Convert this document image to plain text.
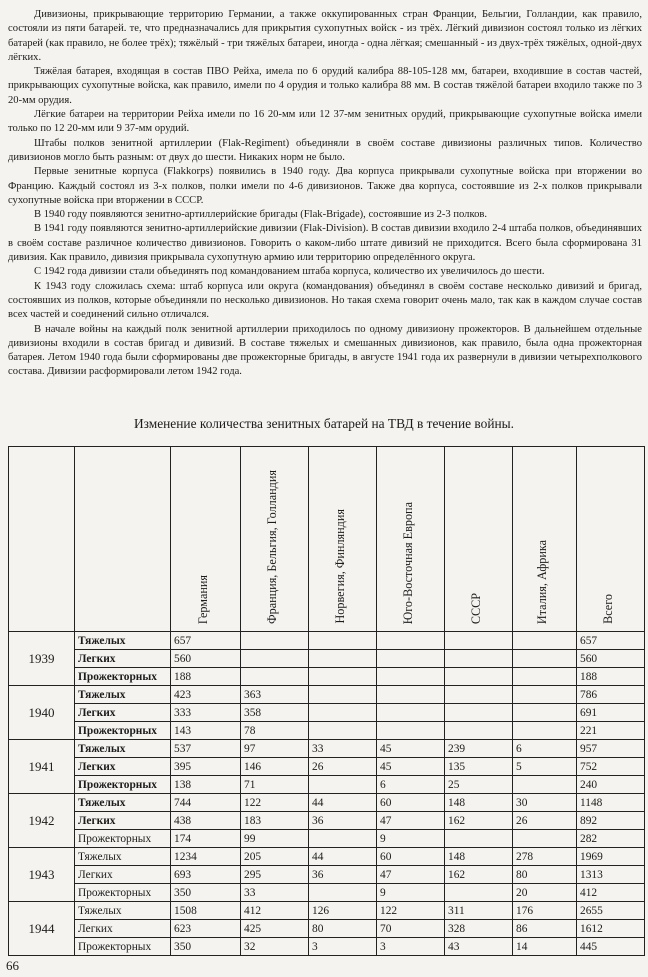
Дивизионы, прикрывающие территорию Германии, а также оккупированных стран Франции, Бельгии, Голландии, как правило, состояли из пяти батарей. те, что предназначались для прикрытия сухопутных войск - из трёх. Лёгкий дивизион состоял только из лёгких батарей (как правило, не более трёх); тяжёлый - три тяжёлых батареи, иногда - одна лёгкая; смешанный - из двух-трёх тяжёлых, одной-двух лёгких.

Тяжёлая батарея, входящая в состав ПВО Рейха, имела по 6 орудий калибра 88-105-128 мм, батареи, входившие в состав частей, прикрывающих сухопутные войска, как правило, имели по 4 орудия и только калибра 88 мм. В состав тяжёлой батареи входило также по 3 20-мм орудия.

Лёгкие батареи на территории Рейха имели по 16 20-мм или 12 37-мм зенитных орудий, прикрывающие сухопутные войска имели только по 12 20-мм или 9 37-мм орудий.

Штабы полков зенитной артиллерии (Flak-Regiment) объединяли в своём составе дивизионы различных типов. Количество дивизионов могло быть разным: от двух до шести. Никаких норм не было.

Первые зенитные корпуса (Flakkorps) появились в 1940 году. Два корпуса прикрывали сухопутные войска при вторжении во Францию. Каждый состоял из 3-х полков, полки имели по 4-6 дивизионов. Также два корпуса, состоявшие из 2-х полков прикрывали сухопутные войска при вторжении в СССР.

В 1940 году появляются зенитно-артиллерийские бригады (Flak-Brigade), состоявшие из 2-3 полков.

В 1941 году появляются зенитно-артиллерийские дивизии (Flak-Division). В состав дивизии входило 2-4 штаба полков, объединявших в своём составе различное количество дивизионов. Говорить о каком-либо штате дивизий не приходится. Всего была сформирована 31 дивизия. Как правило, дивизия прикрывала сухопутную армию или территорию определённого округа.

С 1942 года дивизии стали объединять под командованием штаба корпуса, количество их увеличилось до шести.

К 1943 году сложилась схема: штаб корпуса или округа (командования) объединял в своём составе несколько дивизий и бригад, состоявших из полков, которые объединяли по несколько дивизионов. Но такая схема говорит очень мало, так как в каждом случае состав всех частей и соединений сильно отличался.

В начале войны на каждый полк зенитной артиллерии приходилось по одному дивизиону прожекторов. В дальнейшем отдельные дивизионы входили в состав бригад и дивизий. В составе тяжелых и смешанных дивизионов, как правило, была одна прожекторная батарея. Летом 1940 года были сформированы две прожекторные бригады, в августе 1941 года их развернули в дивизии четырехполкового состава. Дивизии расформировали летом 1942 года.

Изменение количества зенитных батарей на ТВД в течение войны.
		Германия	Франция, Бельгия, Голландия	Норвегия, Финляндия	Юго-Восточная Европа	СССР	Италия, Африка	Всего
1939	Тяжелых	657						657
	Легких	560						560
	Прожекторных	188						188
1940	Тяжелых	423	363					786
	Легких	333	358					691
	Прожекторных	143	78					221
1941	Тяжелых	537	97	33	45	239	6	957
	Легких	395	146	26	45	135	5	752
	Прожекторных	138	71		6	25		240
1942	Тяжелых	744	122	44	60	148	30	1148
	Легких	438	183	36	47	162	26	892
	Прожекторных	174	99		9			282
1943	Тяжелых	1234	205	44	60	148	278	1969
	Легких	693	295	36	47	162	80	1313
	Прожекторных	350	33		9		20	412
1944	Тяжелых	1508	412	126	122	311	176	2655
	Легких	623	425	80	70	328	86	1612
	Прожекторных	350	32	3	3	43	14	445
66
